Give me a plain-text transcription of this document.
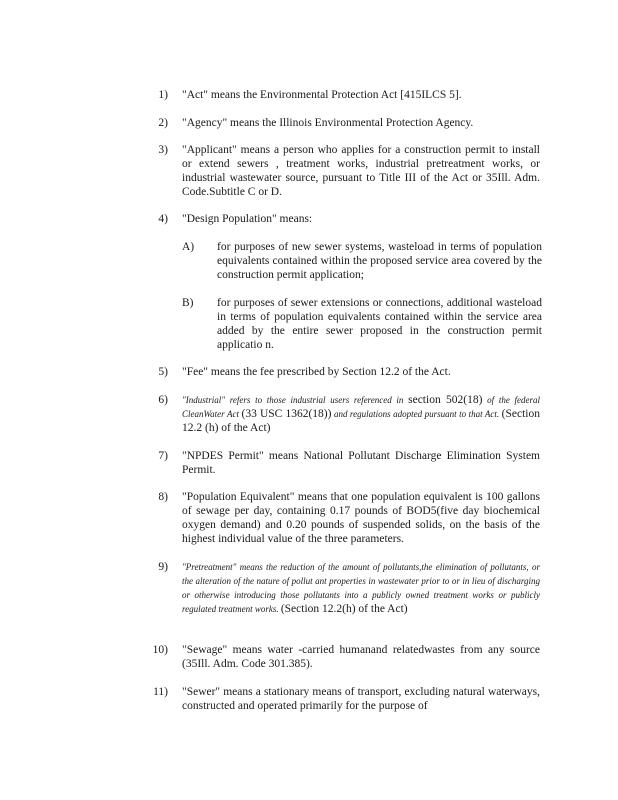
1) "Act" means the Environmental Protection Act [415ILCS 5].
2) "Agency" means the Illinois Environmental Protection Agency.
3) "Applicant" means a person who applies for a construction permit to install or extend sewers , treatment works, industrial pretreatment works, or industrial wastewater source, pursuant to Title III of the Act or 35Ill. Adm. Code.Subtitle C or D.
4) "Design Population" means:
A) for purposes of new sewer systems, wasteload in terms of population equivalents contained within the proposed service area covered by the construction permit application;
B) for purposes of sewer extensions or connections, additional wasteload in terms of population equivalents contained within the service area added by the entire sewer proposed in the construction permit applicatio n.
5) "Fee" means the fee prescribed by Section 12.2 of the Act.
6) "Industrial" refers to those industrial users referenced in section 502(18) of the federal CleanWater Act (33 USC 1362(18)) and regulations adopted pursuant to that Act. (Section 12.2 (h) of the Act)
7) "NPDES Permit" means National Pollutant Discharge Elimination System Permit.
8) "Population Equivalent" means that one population equivalent is 100 gallons of sewage per day, containing 0.17 pounds of BOD5(five day biochemical oxygen demand) and 0.20 pounds of suspended solids, on the basis of the highest individual value of the three parameters.
9) "Pretreatment" means the reduction of the amount of pollutants,the elimination of pollutants, or the alteration of the nature of pollut ant properties in wastewater prior to or in lieu of discharging or otherwise introducing those pollutants into a publicly owned treatment works or publicly regulated treatment works. (Section 12.2(h) of the Act)
10) "Sewage" means water -carried humanand relatedwastes from any source (35Ill. Adm. Code 301.385).
11) "Sewer" means a stationary means of transport, excluding natural waterways, constructed and operated primarily for the purpose of
